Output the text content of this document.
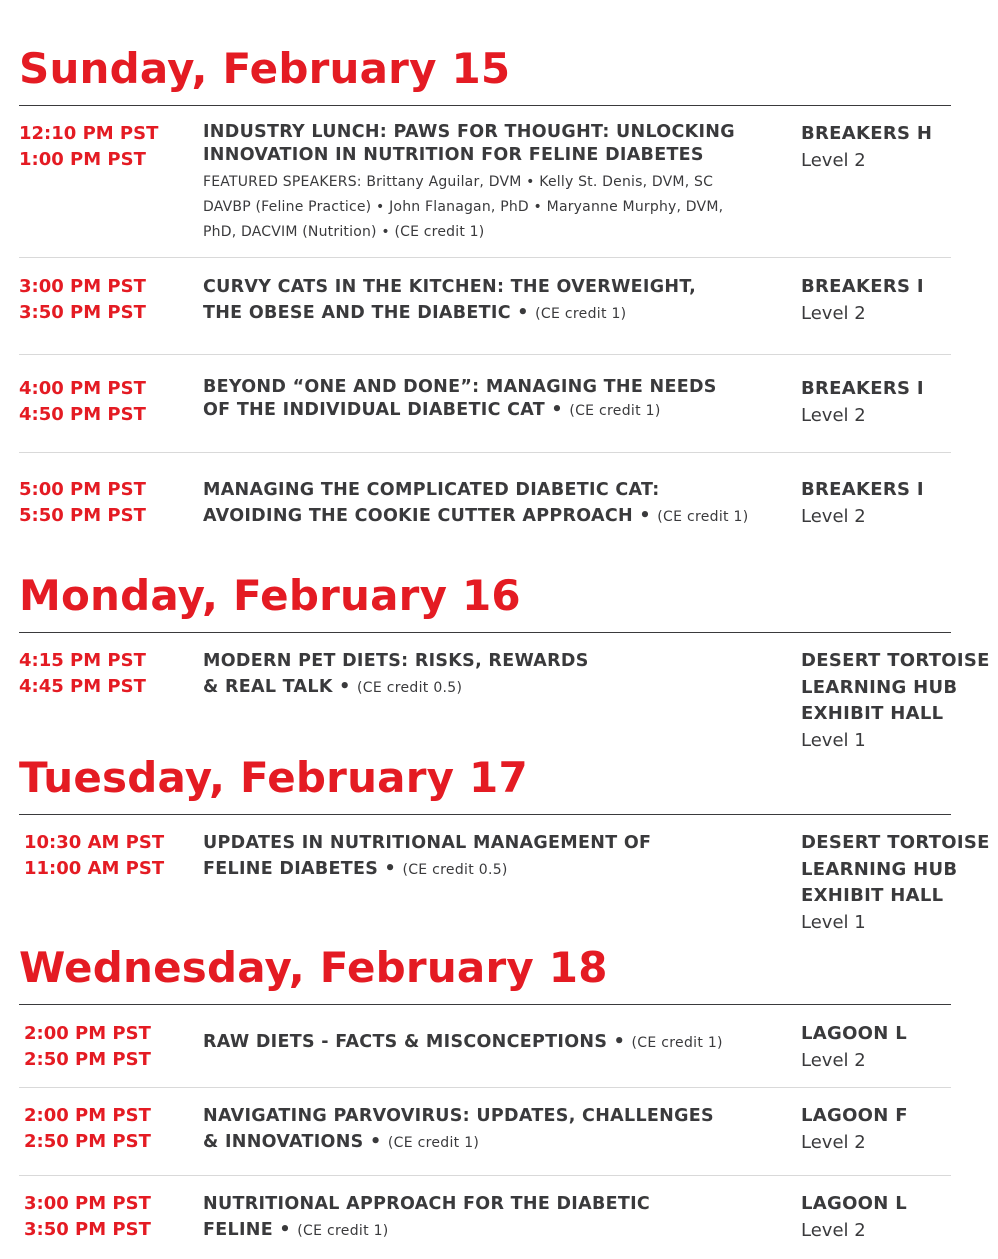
Sunday, February 15
12:10 PM PST
1:00 PM PST
INDUSTRY LUNCH: PAWS FOR THOUGHT: UNLOCKING
INNOVATION IN NUTRITION FOR FELINE DIABETES
FEATURED SPEAKERS: Brittany Aguilar, DVM • Kelly St. Denis, DVM, SC
DAVBP (Feline Practice) • John Flanagan, PhD • Maryanne Murphy, DVM,
PhD, DACVIM (Nutrition) • (CE credit 1)
BREAKERS H
Level 2
3:00 PM PST
3:50 PM PST
CURVY CATS IN THE KITCHEN: THE OVERWEIGHT,
THE OBESE AND THE DIABETIC • (CE credit 1)
BREAKERS I
Level 2
4:00 PM PST
4:50 PM PST
BEYOND “ONE AND DONE”: MANAGING THE NEEDS
OF THE INDIVIDUAL DIABETIC CAT • (CE credit 1)
BREAKERS I
Level 2
5:00 PM PST
5:50 PM PST
MANAGING THE COMPLICATED DIABETIC CAT:
AVOIDING THE COOKIE CUTTER APPROACH • (CE credit 1)
BREAKERS I
Level 2
Monday, February 16
4:15 PM PST
4:45 PM PST
MODERN PET DIETS: RISKS, REWARDS
& REAL TALK • (CE credit 0.5)
DESERT TORTOISE
LEARNING HUB
EXHIBIT HALL
Level 1
Tuesday, February 17
10:30 AM PST
11:00 AM PST
UPDATES IN NUTRITIONAL MANAGEMENT OF
FELINE DIABETES • (CE credit 0.5)
DESERT TORTOISE
LEARNING HUB
EXHIBIT HALL
Level 1
Wednesday, February 18
2:00 PM PST
2:50 PM PST
RAW DIETS - FACTS & MISCONCEPTIONS • (CE credit 1)	LAGOON L
Level 2
2:00 PM PST
2:50 PM PST
NAVIGATING PARVOVIRUS: UPDATES, CHALLENGES
& INNOVATIONS • (CE credit 1)
LAGOON F
Level 2
3:00 PM PST
3:50 PM PST
NUTRITIONAL APPROACH FOR THE DIABETIC
FELINE • (CE credit 1)
LAGOON L
Level 2
